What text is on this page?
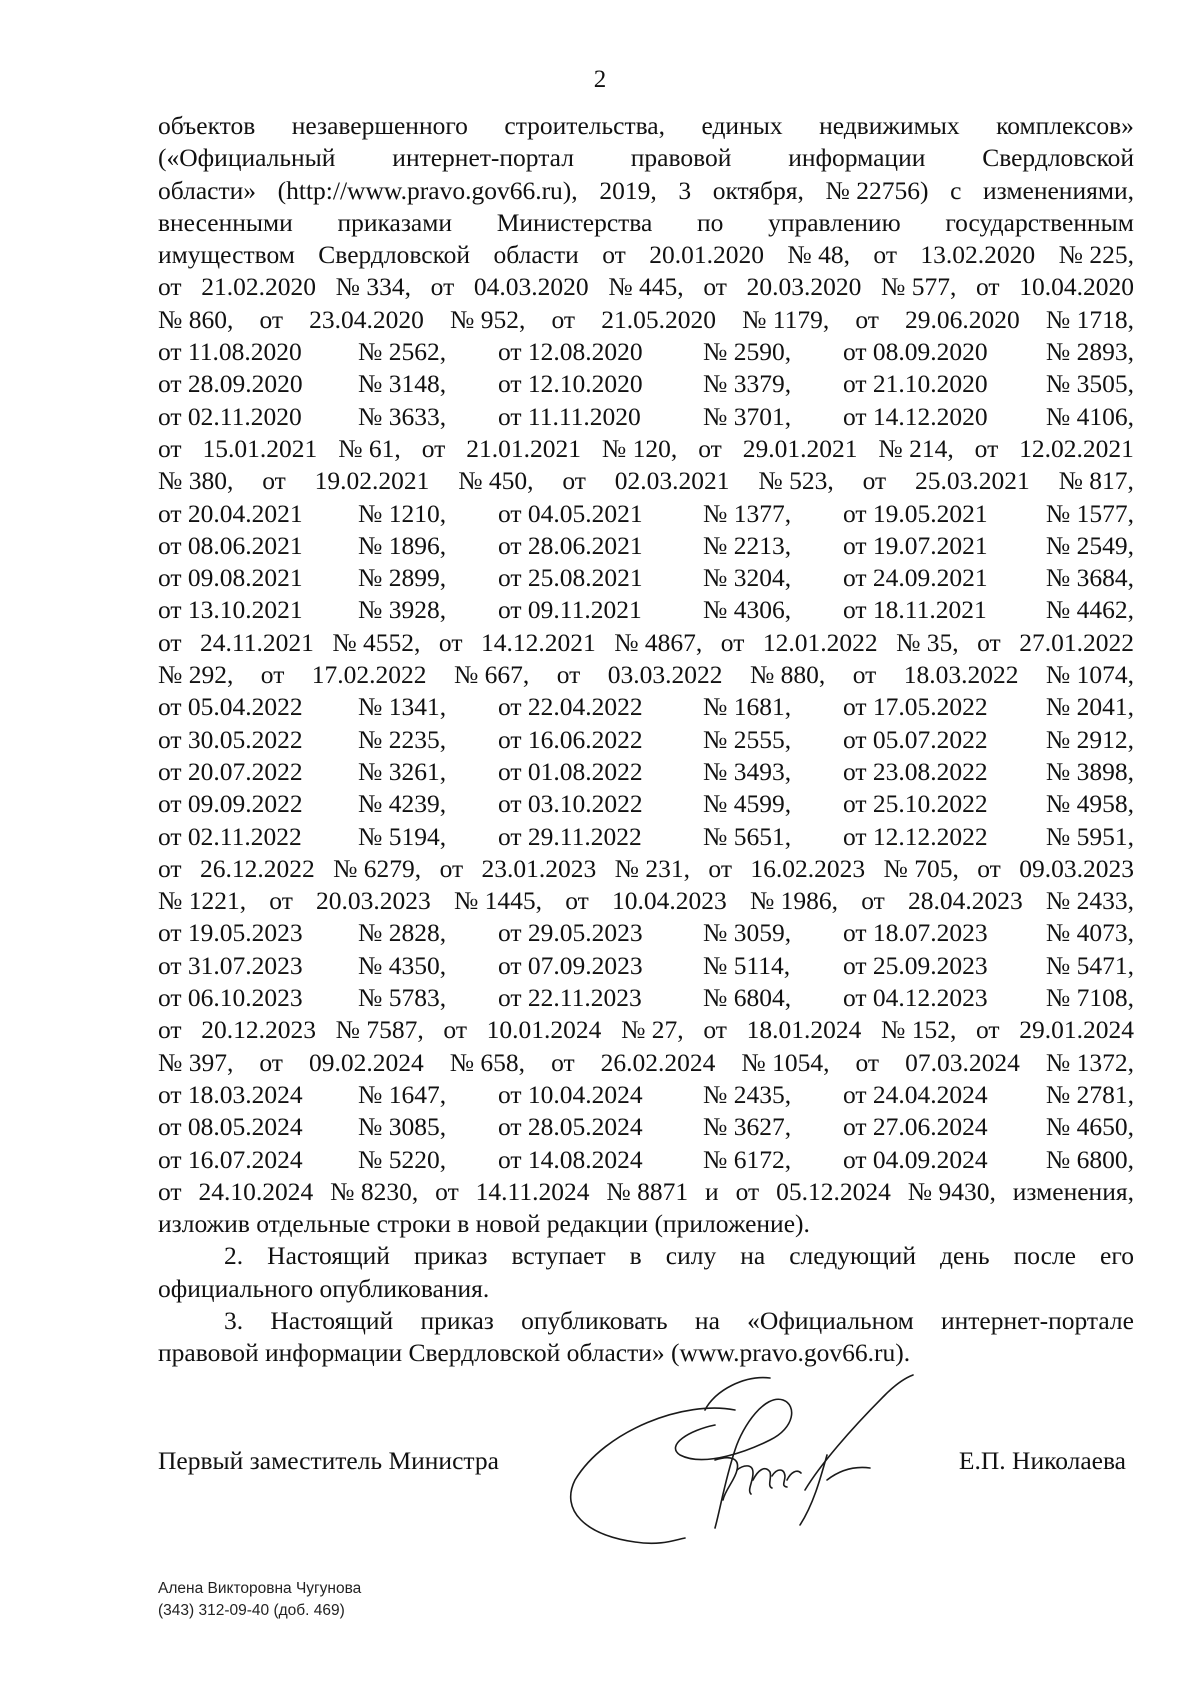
2
объектов незавершенного строительства, единых недвижимых комплексов»
(«Официальный интернет-портал правовой информации Свердловской
области» (http://www.pravo.gov66.ru), 2019, 3 октября, № 22756) с изменениями,
внесенными приказами Министерства по управлению государственным
имуществом Свердловской области от 20.01.2020 № 48, от 13.02.2020 № 225,
от 21.02.2020 № 334, от 04.03.2020 № 445, от 20.03.2020 № 577, от 10.04.2020
№ 860, от 23.04.2020 № 952, от 21.05.2020 № 1179, от 29.06.2020 № 1718,
от 11.08.2020	№ 2562,	от 12.08.2020	№ 2590,	от 08.09.2020	№ 2893,
от 28.09.2020	№ 3148,	от 12.10.2020	№ 3379,	от 21.10.2020	№ 3505,
от 02.11.2020	№ 3633,	от 11.11.2020	№ 3701,	от 14.12.2020	№ 4106,
от 15.01.2021 № 61, от 21.01.2021 № 120, от 29.01.2021 № 214, от 12.02.2021
№ 380, от 19.02.2021 № 450, от 02.03.2021 № 523, от 25.03.2021 № 817,
от 20.04.2021	№ 1210,	от 04.05.2021	№ 1377,	от 19.05.2021	№ 1577,
от 08.06.2021	№ 1896,	от 28.06.2021	№ 2213,	от 19.07.2021	№ 2549,
от 09.08.2021	№ 2899,	от 25.08.2021	№ 3204,	от 24.09.2021	№ 3684,
от 13.10.2021	№ 3928,	от 09.11.2021	№ 4306,	от 18.11.2021	№ 4462,
от 24.11.2021 № 4552, от 14.12.2021 № 4867, от 12.01.2022 № 35, от 27.01.2022
№ 292, от 17.02.2022 № 667, от 03.03.2022 № 880, от 18.03.2022 № 1074,
от 05.04.2022	№ 1341,	от 22.04.2022	№ 1681,	от 17.05.2022	№ 2041,
от 30.05.2022	№ 2235,	от 16.06.2022	№ 2555,	от 05.07.2022	№ 2912,
от 20.07.2022	№ 3261,	от 01.08.2022	№ 3493,	от 23.08.2022	№ 3898,
от 09.09.2022	№ 4239,	от 03.10.2022	№ 4599,	от 25.10.2022	№ 4958,
от 02.11.2022	№ 5194,	от 29.11.2022	№ 5651,	от 12.12.2022	№ 5951,
от 26.12.2022 № 6279, от 23.01.2023 № 231, от 16.02.2023 № 705, от 09.03.2023
№ 1221, от 20.03.2023 № 1445, от 10.04.2023 № 1986, от 28.04.2023 № 2433,
от 19.05.2023	№ 2828,	от 29.05.2023	№ 3059,	от 18.07.2023	№ 4073,
от 31.07.2023	№ 4350,	от 07.09.2023	№ 5114,	от 25.09.2023	№ 5471,
от 06.10.2023	№ 5783,	от 22.11.2023	№ 6804,	от 04.12.2023	№ 7108,
от 20.12.2023 № 7587, от 10.01.2024 № 27, от 18.01.2024 № 152, от 29.01.2024
№ 397, от 09.02.2024 № 658, от 26.02.2024 № 1054, от 07.03.2024 № 1372,
от 18.03.2024	№ 1647,	от 10.04.2024	№ 2435,	от 24.04.2024	№ 2781,
от 08.05.2024	№ 3085,	от 28.05.2024	№ 3627,	от 27.06.2024	№ 4650,
от 16.07.2024	№ 5220,	от 14.08.2024	№ 6172,	от 04.09.2024	№ 6800,
от 24.10.2024 № 8230, от 14.11.2024 № 8871 и от 05.12.2024 № 9430, изменения,
изложив отдельные строки в новой редакции (приложение).
2. Настоящий приказ вступает в силу на следующий день после его
официального опубликования.
3. Настоящий приказ опубликовать на «Официальном интернет-портале
правовой информации Свердловской области» (www.pravo.gov66.ru).
Первый заместитель Министра	Е.П. Николаева
Алена Викторовна Чугунова
(343) 312-09-40 (доб. 469)
